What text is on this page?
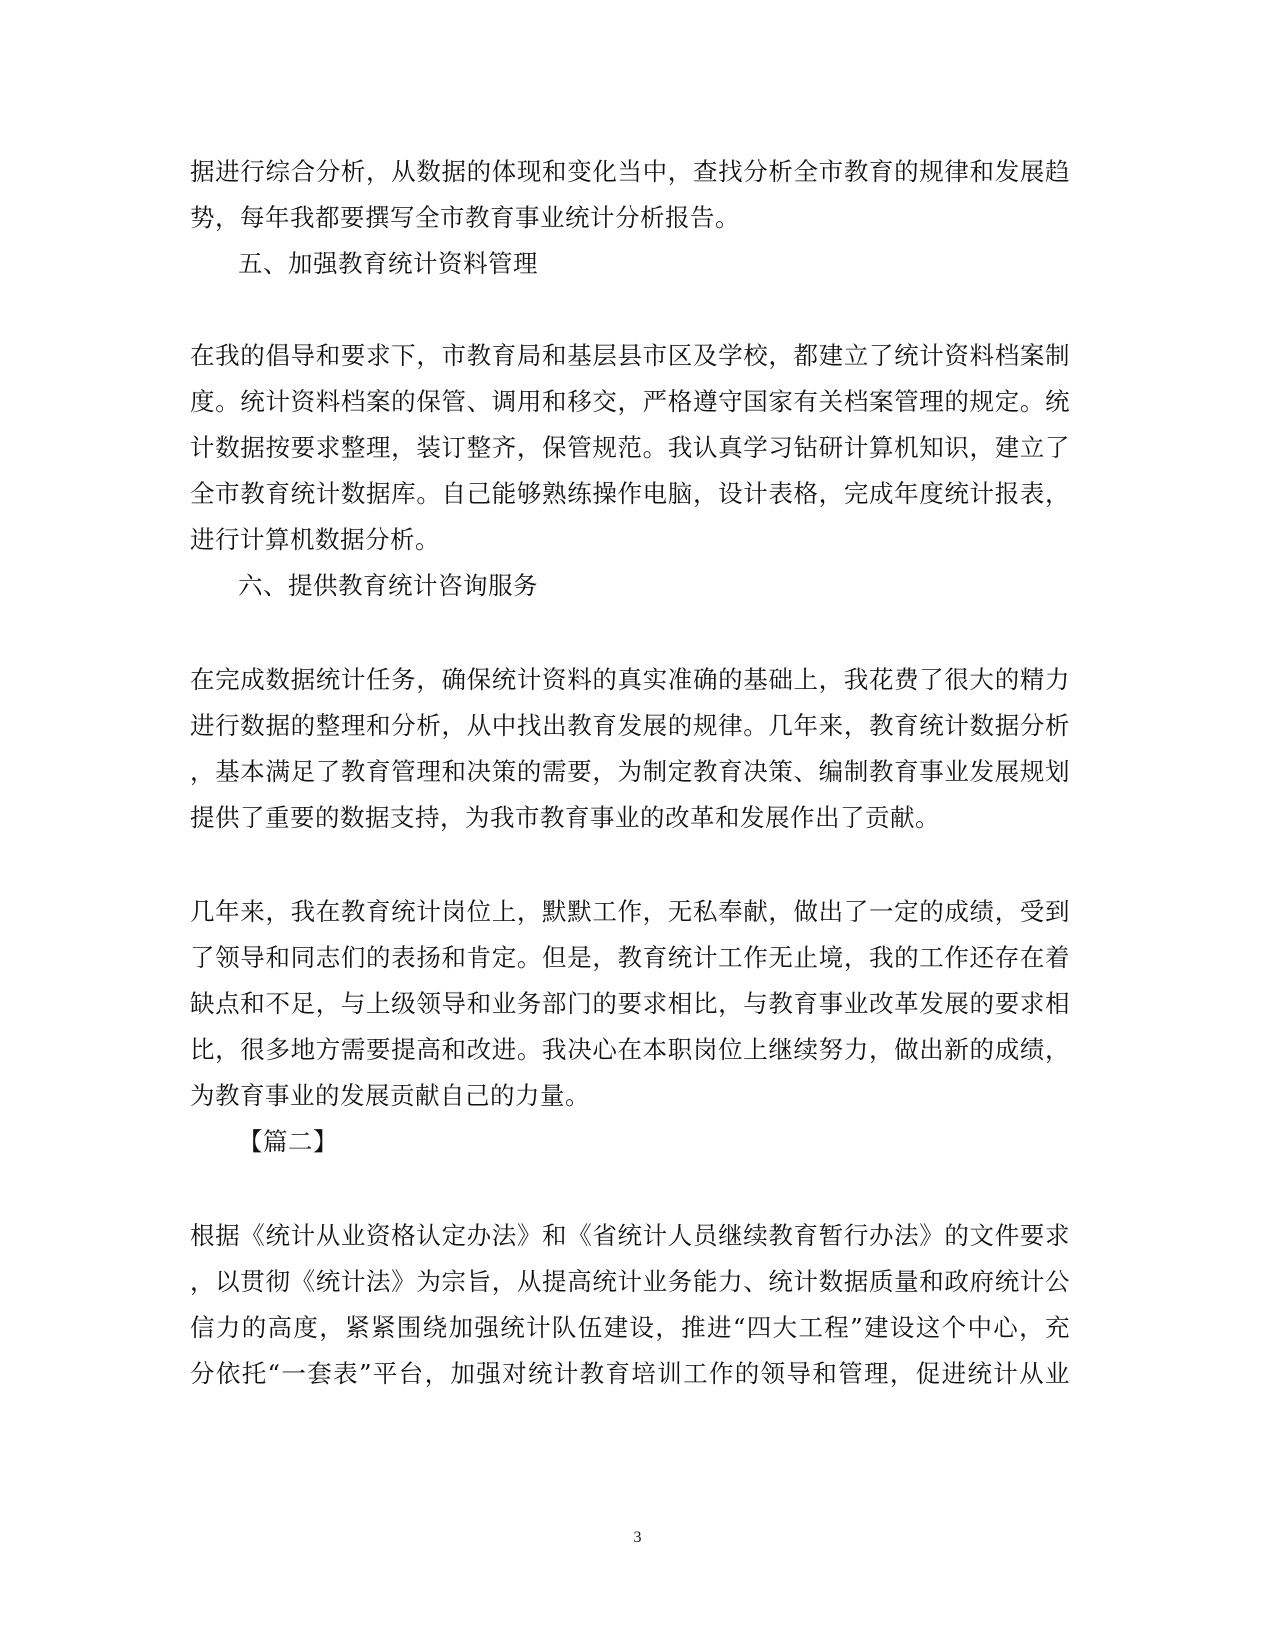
据进行综合分析，从数据的体现和变化当中，查找分析全市教育的规律和发展趋
势，每年我都要撰写全市教育事业统计分析报告。
五、加强教育统计资料管理
在我的倡导和要求下，市教育局和基层县市区及学校，都建立了统计资料档案制
度。统计资料档案的保管、调用和移交，严格遵守国家有关档案管理的规定。统
计数据按要求整理，装订整齐，保管规范。我认真学习钻研计算机知识，建立了
全市教育统计数据库。自己能够熟练操作电脑，设计表格，完成年度统计报表，
进行计算机数据分析。
六、提供教育统计咨询服务
在完成数据统计任务，确保统计资料的真实准确的基础上，我花费了很大的精力
进行数据的整理和分析，从中找出教育发展的规律。几年来，教育统计数据分析
，基本满足了教育管理和决策的需要，为制定教育决策、编制教育事业发展规划
提供了重要的数据支持，为我市教育事业的改革和发展作出了贡献。
几年来，我在教育统计岗位上，默默工作，无私奉献，做出了一定的成绩，受到
了领导和同志们的表扬和肯定。但是，教育统计工作无止境，我的工作还存在着
缺点和不足，与上级领导和业务部门的要求相比，与教育事业改革发展的要求相
比，很多地方需要提高和改进。我决心在本职岗位上继续努力，做出新的成绩，
为教育事业的发展贡献自己的力量。
【篇二】
根据《统计从业资格认定办法》和《省统计人员继续教育暂行办法》的文件要求
，以贯彻《统计法》为宗旨，从提高统计业务能力、统计数据质量和政府统计公
信力的高度，紧紧围绕加强统计队伍建设，推进“四大工程”建设这个中心，充
分依托“一套表”平台，加强对统计教育培训工作的领导和管理，促进统计从业
3
